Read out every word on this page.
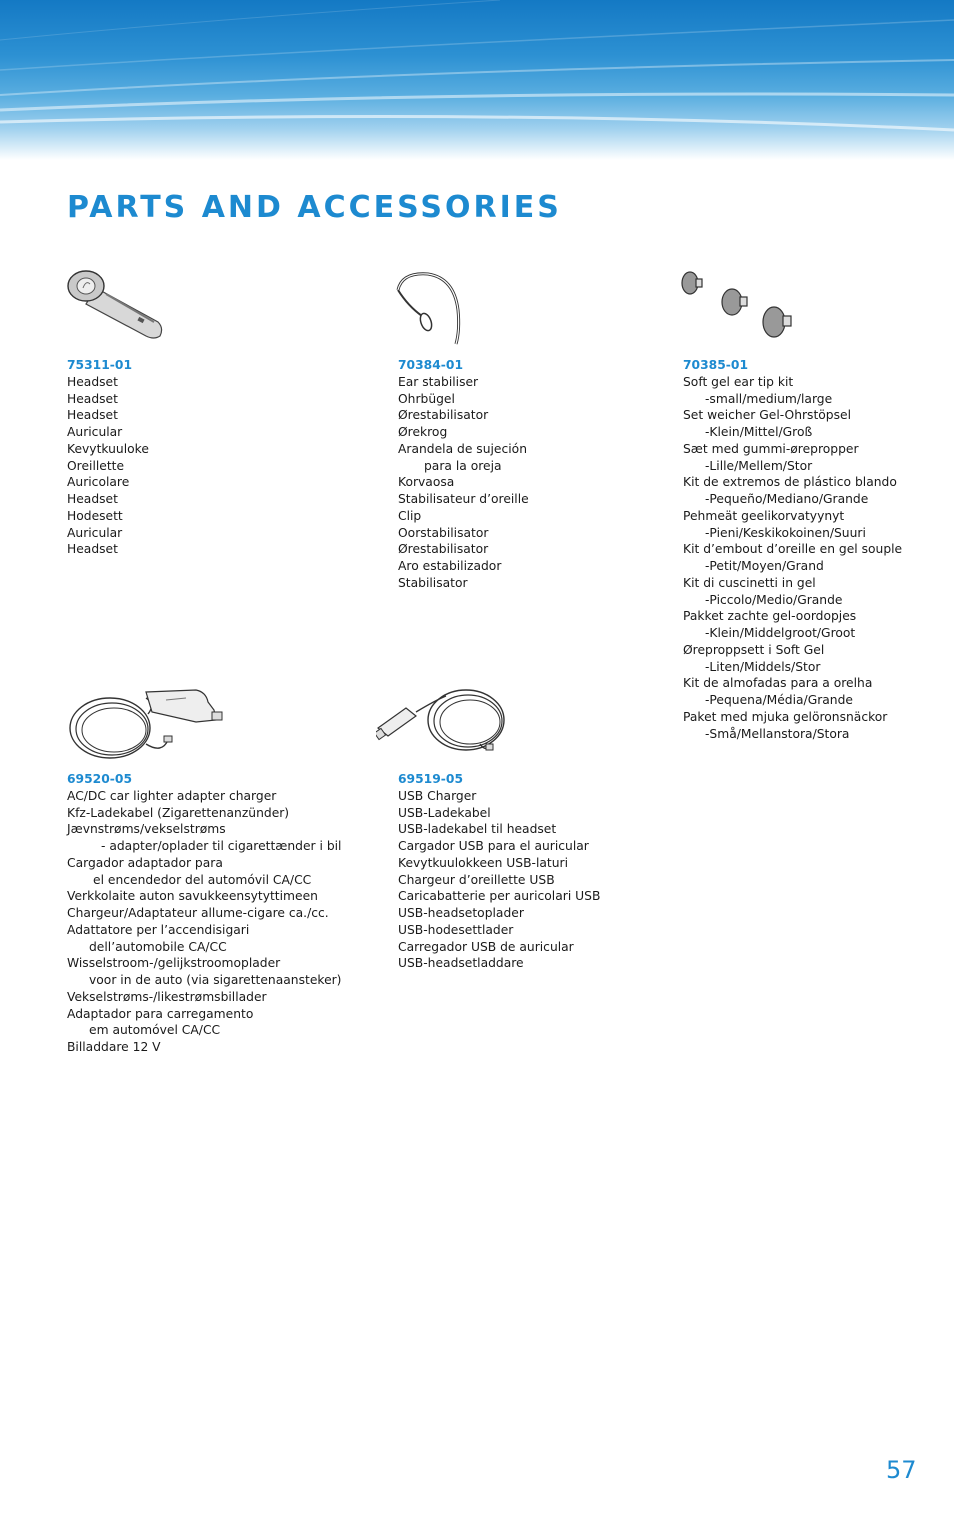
PARTS AND ACCESSORIES
75311-01
Headset
Headset
Headset
Auricular
Kevytkuuloke
Oreillette
Auricolare
Headset
Hodesett
Auricular
Headset
70384-01
Ear stabiliser
Ohrbügel
Ørestabilisator
Ørekrog
Arandela de sujeción
para la oreja
Korvaosa
Stabilisateur d’oreille
Clip
Oorstabilisator
Ørestabilisator
Aro estabilizador
Stabilisator
70385-01
Soft gel ear tip kit
-small/medium/large
Set weicher Gel-Ohrstöpsel
-Klein/Mittel/Groß
Sæt med gummi-ørepropper
-Lille/Mellem/Stor
Kit de extremos de plástico blando
-Pequeño/Mediano/Grande
Pehmeät geelikorvatyynyt
-Pieni/Keskikokoinen/Suuri
Kit d’embout d’oreille en gel souple
-Petit/Moyen/Grand
Kit di cuscinetti in gel
-Piccolo/Medio/Grande
Pakket zachte gel-oordopjes
-Klein/Middelgroot/Groot
Øreproppsett i Soft Gel
-Liten/Middels/Stor
Kit de almofadas para a orelha
-Pequena/Média/Grande
Paket med mjuka gelöronsnäckor
-Små/Mellanstora/Stora
69520-05
AC/DC car lighter adapter charger
Kfz-Ladekabel (Zigarettenanzünder)
Jævnstrøms/vekselstrøms
- adapter/oplader til cigarettænder i bil
Cargador adaptador para
el encendedor del automóvil CA/CC
Verkkolaite auton savukkeensytyttimeen
Chargeur/Adaptateur allume-cigare ca./cc.
Adattatore per l’accendisigari
dell’automobile CA/CC
Wisselstroom-/gelijkstroomoplader
voor in de auto (via sigarettenaansteker)
Vekselstrøms-/likestrømsbillader
Adaptador para carregamento
em automóvel CA/CC
Billaddare 12 V
69519-05
USB Charger
USB-Ladekabel
USB-ladekabel til headset
Cargador USB para el auricular
Kevytkuulokkeen USB-laturi
Chargeur d’oreillette USB
Caricabatterie per auricolari USB
USB-headsetoplader
USB-hodesettlader
Carregador USB de auricular
USB-headsetladdare
57
